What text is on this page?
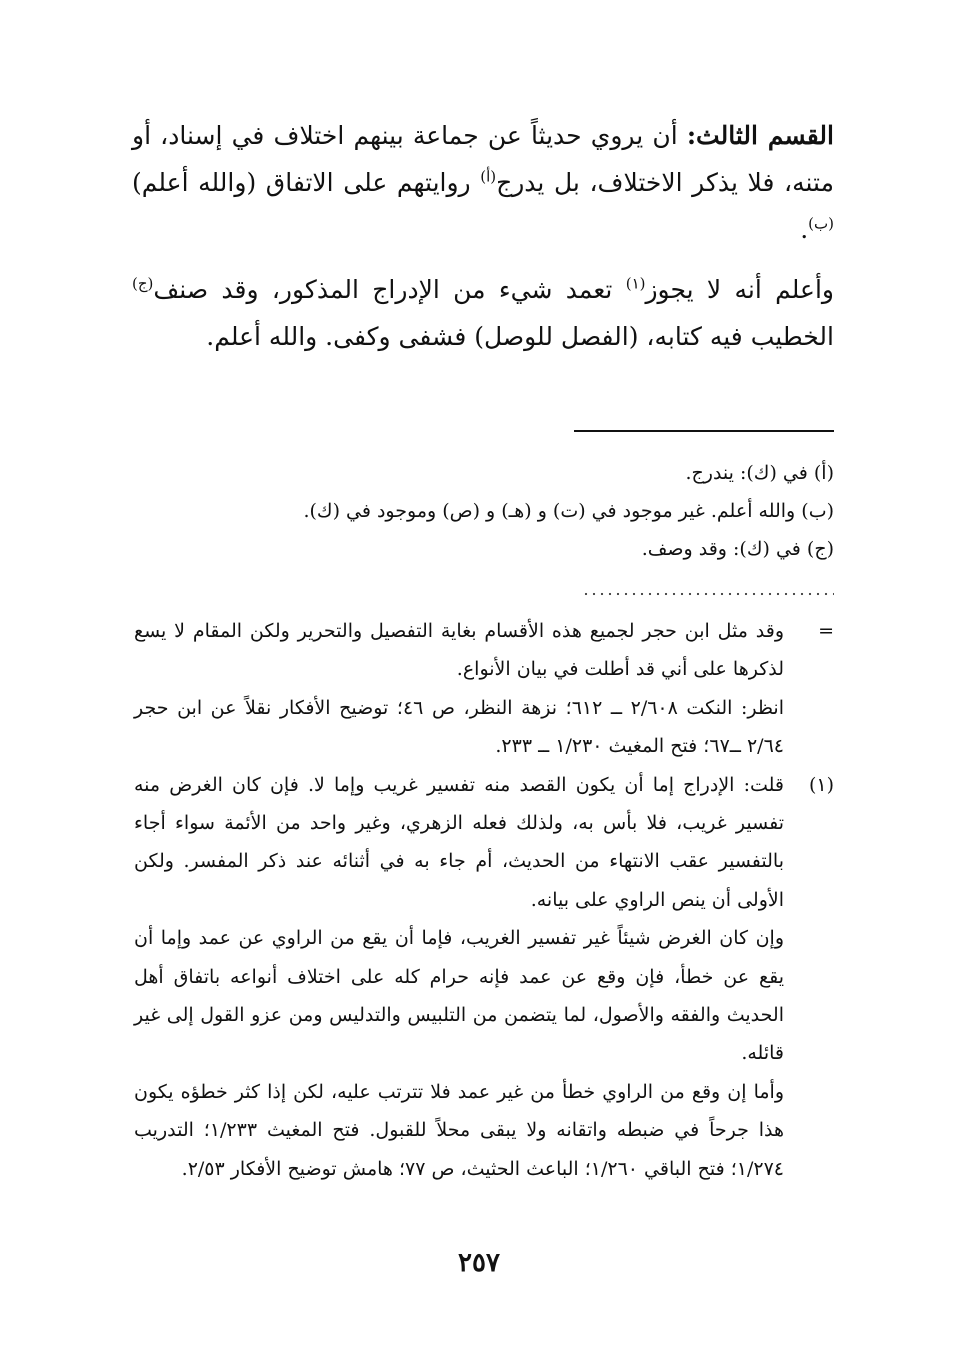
القسم الثالث: أن يروي حديثاً عن جماعة بينهم اختلاف في إسناد، أو متنه، فلا يذكر الاختلاف، بل يدرج$^{(أ)}$ روايتهم على الاتفاق (والله أعلم)$^{(ب)}$.
وأعلم أنه لا يجوز$^{(١)}$ تعمد شيء من الإدراج المذكور، وقد صنف$^{(ج)}$ الخطيب فيه كتابه، (الفصل للوصل) فشفى وكفى. والله أعلم.
(أ) في (ك): يندرج.
(ب) والله أعلم. غير موجود في (ت) و (هـ) و (ص) وموجود في (ك).
(ج) في (ك): وقد وصف.
=

وقد مثل ابن حجر لجميع هذه الأقسام بغاية التفصيل والتحرير ولكن المقام لا يسع لذكرها على أني قد أطلت في بيان الأنواع.

انظر: النكت ٢/٦٠٨ ــ ٦١٢؛ نزهة النظر، ص ٤٦؛ توضيح الأفكار نقلاً عن ابن حجر ٢/٦٤ ــ٦٧؛ فتح المغيث ١/٢٣٠ ــ ٢٣٣.

(١)

قلت: الإدراج إما أن يكون القصد منه تفسير غريب وإما لا. فإن كان الغرض منه تفسير غريب، فلا بأس به، ولذلك فعله الزهري، وغير واحد من الأئمة سواء أجاء بالتفسير عقب الانتهاء من الحديث، أم جاء به في أثنائه عند ذكر المفسر. ولكن الأولى أن ينص الراوي على بيانه.

وإن كان الغرض شيئاً غير تفسير الغريب، فإما أن يقع من الراوي عن عمد وإما أن يقع عن خطأ، فإن وقع عن عمد فإنه حرام كله على اختلاف أنواعه باتفاق أهل الحديث والفقه والأصول، لما يتضمن من التلبيس والتدليس ومن عزو القول إلى غير قائله.

وأما إن وقع من الراوي خطأ من غير عمد فلا تترتب عليه، لكن إذا كثر خطؤه يكون هذا جرحاً في ضبطه واتقانه ولا يبقى محلاً للقبول. فتح المغيث ١/٢٣٣؛ التدريب ١/٢٧٤؛ فتح الباقي ١/٢٦٠؛ الباعث الحثيث، ص ٧٧؛ هامش توضيح الأفكار ٢/٥٣.

٢٥٧
